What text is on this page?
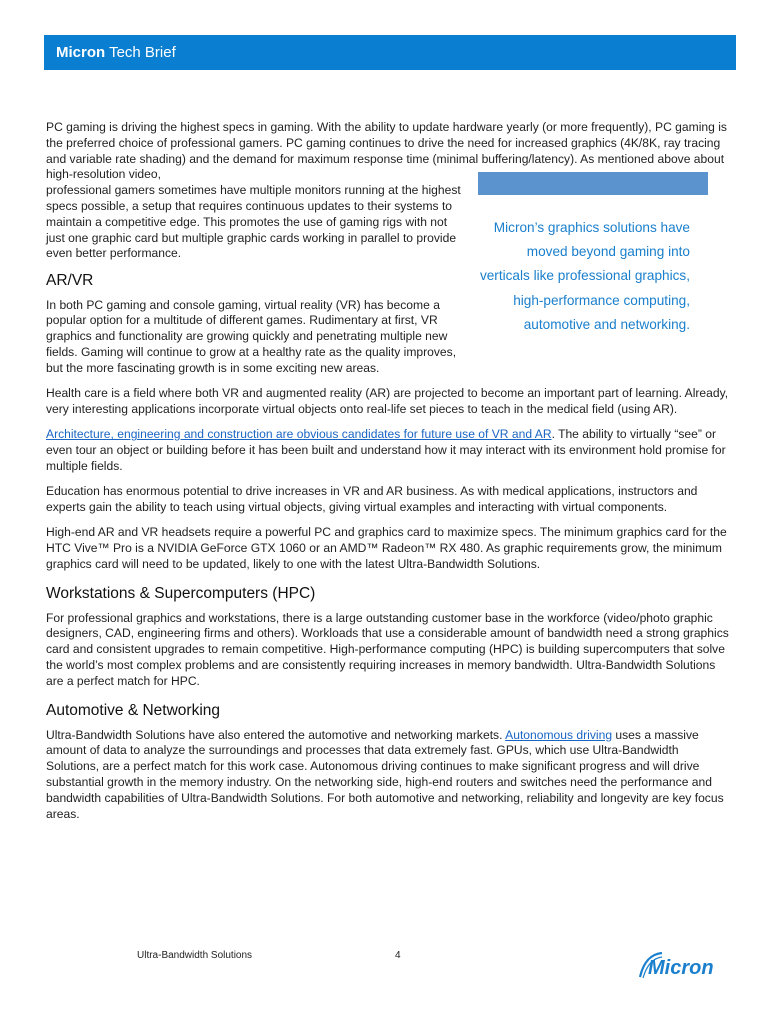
Micron Tech Brief
Micron’s graphics solutions have moved beyond gaming into verticals like professional graphics, high-performance computing, automotive and networking.

PC gaming is driving the highest specs in gaming. With the ability to update hardware yearly (or more frequently), PC gaming is the preferred choice of professional gamers. PC gaming continues to drive the need for increased graphics (4K/8K, ray tracing and variable rate shading) and the demand for maximum response time (minimal buffering/latency). As mentioned above about high-resolution video,
professional gamers sometimes have multiple monitors running at the highest specs possible, a setup that requires continuous updates to their systems to maintain a competitive edge. This promotes the use of gaming rigs with not just one graphic card but multiple graphic cards working in parallel to provide even better performance.

AR/VR

In both PC gaming and console gaming, virtual reality (VR) has become a popular option for a multitude of different games. Rudimentary at first, VR graphics and functionality are growing quickly and penetrating multiple new fields. Gaming will continue to grow at a healthy rate as the quality improves, but the more fascinating growth is in some exciting new areas.

Health care is a field where both VR and augmented reality (AR) are projected to become an important part of learning. Already, very interesting applications incorporate virtual objects onto real-life set pieces to teach in the medical field (using AR).

Architecture, engineering and construction are obvious candidates for future use of VR and AR. The ability to virtually “see” or even tour an object or building before it has been built and understand how it may interact with its environment hold promise for multiple fields.

Education has enormous potential to drive increases in VR and AR business. As with medical applications, instructors and experts gain the ability to teach using virtual objects, giving virtual examples and interacting with virtual components.

High-end AR and VR headsets require a powerful PC and graphics card to maximize specs. The minimum graphics card for the HTC Vive™ Pro is a NVIDIA GeForce GTX 1060 or an AMD™ Radeon™ RX 480. As graphic requirements grow, the minimum graphics card will need to be updated, likely to one with the latest Ultra-Bandwidth Solutions.

Workstations & Supercomputers (HPC)

For professional graphics and workstations, there is a large outstanding customer base in the workforce (video/photo graphic designers, CAD, engineering firms and others). Workloads that use a considerable amount of bandwidth need a strong graphics card and consistent upgrades to remain competitive. High-performance computing (HPC) is building supercomputers that solve the world’s most complex problems and are consistently requiring increases in memory bandwidth. Ultra-Bandwidth Solutions are a perfect match for HPC.

Automotive & Networking

Ultra-Bandwidth Solutions have also entered the automotive and networking markets. Autonomous driving uses a massive amount of data to analyze the surroundings and processes that data extremely fast. GPUs, which use Ultra-Bandwidth Solutions, are a perfect match for this work case. Autonomous driving continues to make significant progress and will drive substantial growth in the memory industry. On the networking side, high-end routers and switches need the performance and bandwidth capabilities of Ultra-Bandwidth Solutions. For both automotive and networking, reliability and longevity are key focus areas.

Ultra-Bandwidth Solutions	4
Micron
